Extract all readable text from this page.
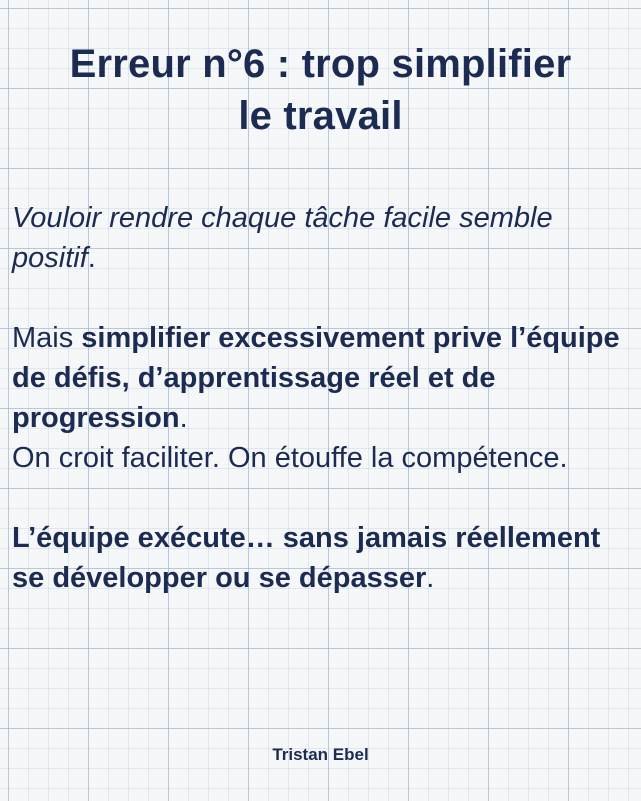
Erreur n°6 : trop simplifier
le travail

Vouloir rendre chaque tâche facile semble positif.

Mais simplifier excessivement prive l’équipe de défis, d’apprentissage réel et de progression.

On croit faciliter. On étouffe la compétence.

L’équipe exécute… sans jamais réellement se développer ou se dépasser.

Tristan Ebel
